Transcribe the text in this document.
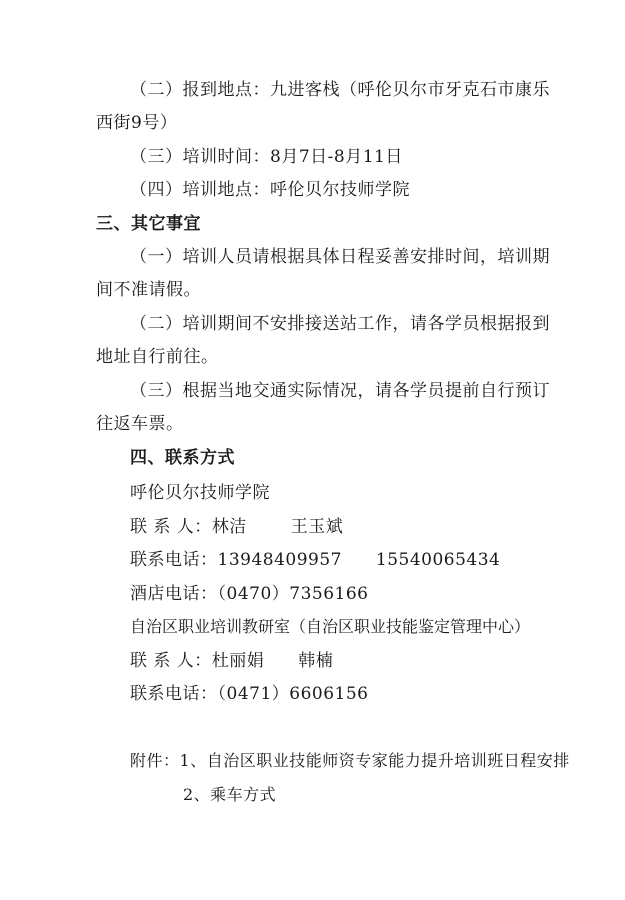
（二）报到地点：九进客栈（呼伦贝尔市牙克石市康乐
西街9号）
（三）培训时间：8月7日-8月11日
（四）培训地点：呼伦贝尔技师学院
三、其它事宜
（一）培训人员请根据具体日程妥善安排时间，培训期
间不准请假。
（二）培训期间不安排接送站工作，请各学员根据报到
地址自行前往。
（三）根据当地交通实际情况，请各学员提前自行预订
往返车票。
四、联系方式
呼伦贝尔技师学院
联 系 人：林洁	王玉斌
联系电话：13948409957 15540065434
酒店电话：（0470）7356166
自治区职业培训教研室（自治区职业技能鉴定管理中心）
联 系 人：杜丽娟 韩楠
联系电话：（0471）6606156
附件：1、自治区职业技能师资专家能力提升培训班日程安排
2、乘车方式
